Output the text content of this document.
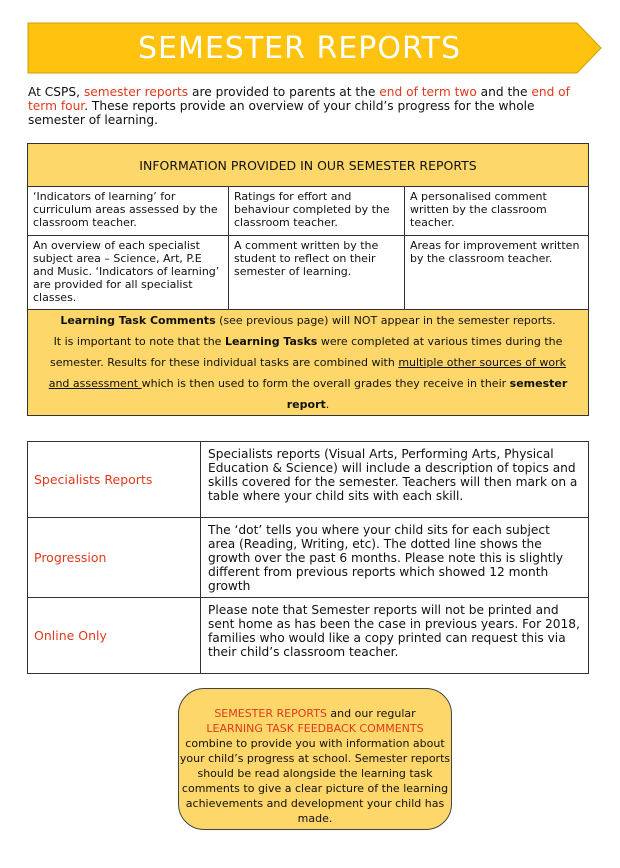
SEMESTER REPORTS
At CSPS, semester reports are provided to parents at the end of term two and the end of term four. These reports provide an overview of your child’s progress for the whole semester of learning.
INFORMATION PROVIDED IN OUR SEMESTER REPORTS		
‘Indicators of learning’ for curriculum areas assessed by the classroom teacher.	Ratings for effort and behaviour completed by the classroom teacher.	A personalised comment written by the classroom teacher.
An overview of each specialist subject area – Science, Art, P.E and Music. ‘Indicators of learning’ are provided for all specialist classes.	A comment written by the student to reflect on their semester of learning.	Areas for improvement written by the classroom teacher.

Learning Task Comments (see previous page) will NOT appear in the semester reports.
It is important to note that the Learning Tasks were completed at various times during the semester. Results for these individual tasks are combined with multiple other sources of work and assessment which is then used to form the overall grades they receive in their semester report.		
Specialists Reports	Specialists reports (Visual Arts, Performing Arts, Physical Education & Science) will include a description of topics and skills covered for the semester. Teachers will then mark on a table where your child sits with each skill.
Progression	The ‘dot’ tells you where your child sits for each subject area (Reading, Writing, etc). The dotted line shows the growth over the past 6 months. Please note this is slightly different from previous reports which showed 12 month growth
Online Only	Please note that Semester reports will not be printed and sent home as has been the case in previous years. For 2018, families who would like a copy printed can request this via their child’s classroom teacher.
SEMESTER REPORTS and our regular
LEARNING TASK FEEDBACK COMMENTS
combine to provide you with information about your child’s progress at school. Semester reports should be read alongside the learning task comments to give a clear picture of the learning achievements and development your child has made.
